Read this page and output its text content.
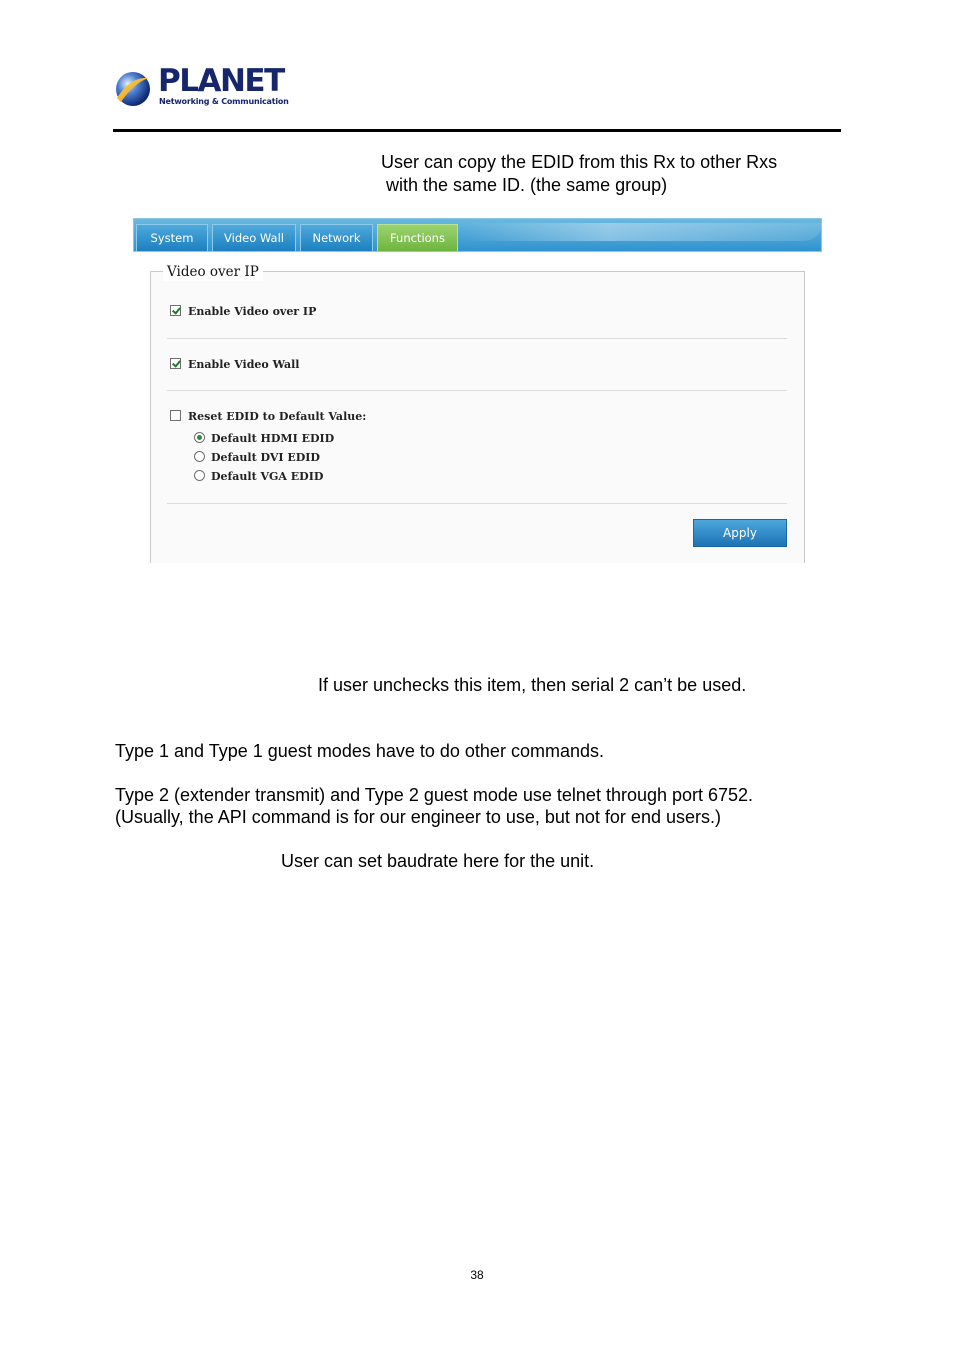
PLANET
Networking & Communication
User can copy the EDID from this Rx to other Rxs
with the same ID. (the same group)
System	Video Wall	Network	Functions
Video over IP
Enable Video over IP
Enable Video Wall
Reset EDID to Default Value:
Default HDMI EDID
Default DVI EDID
Default VGA EDID
Apply
If user unchecks this item, then serial 2 can’t be used.
Type 1 and Type 1 guest modes have to do other commands.
Type 2 (extender transmit) and Type 2 guest mode use telnet through port 6752.
(Usually, the API command is for our engineer to use, but not for end users.)
User can set baudrate here for the unit.
38
